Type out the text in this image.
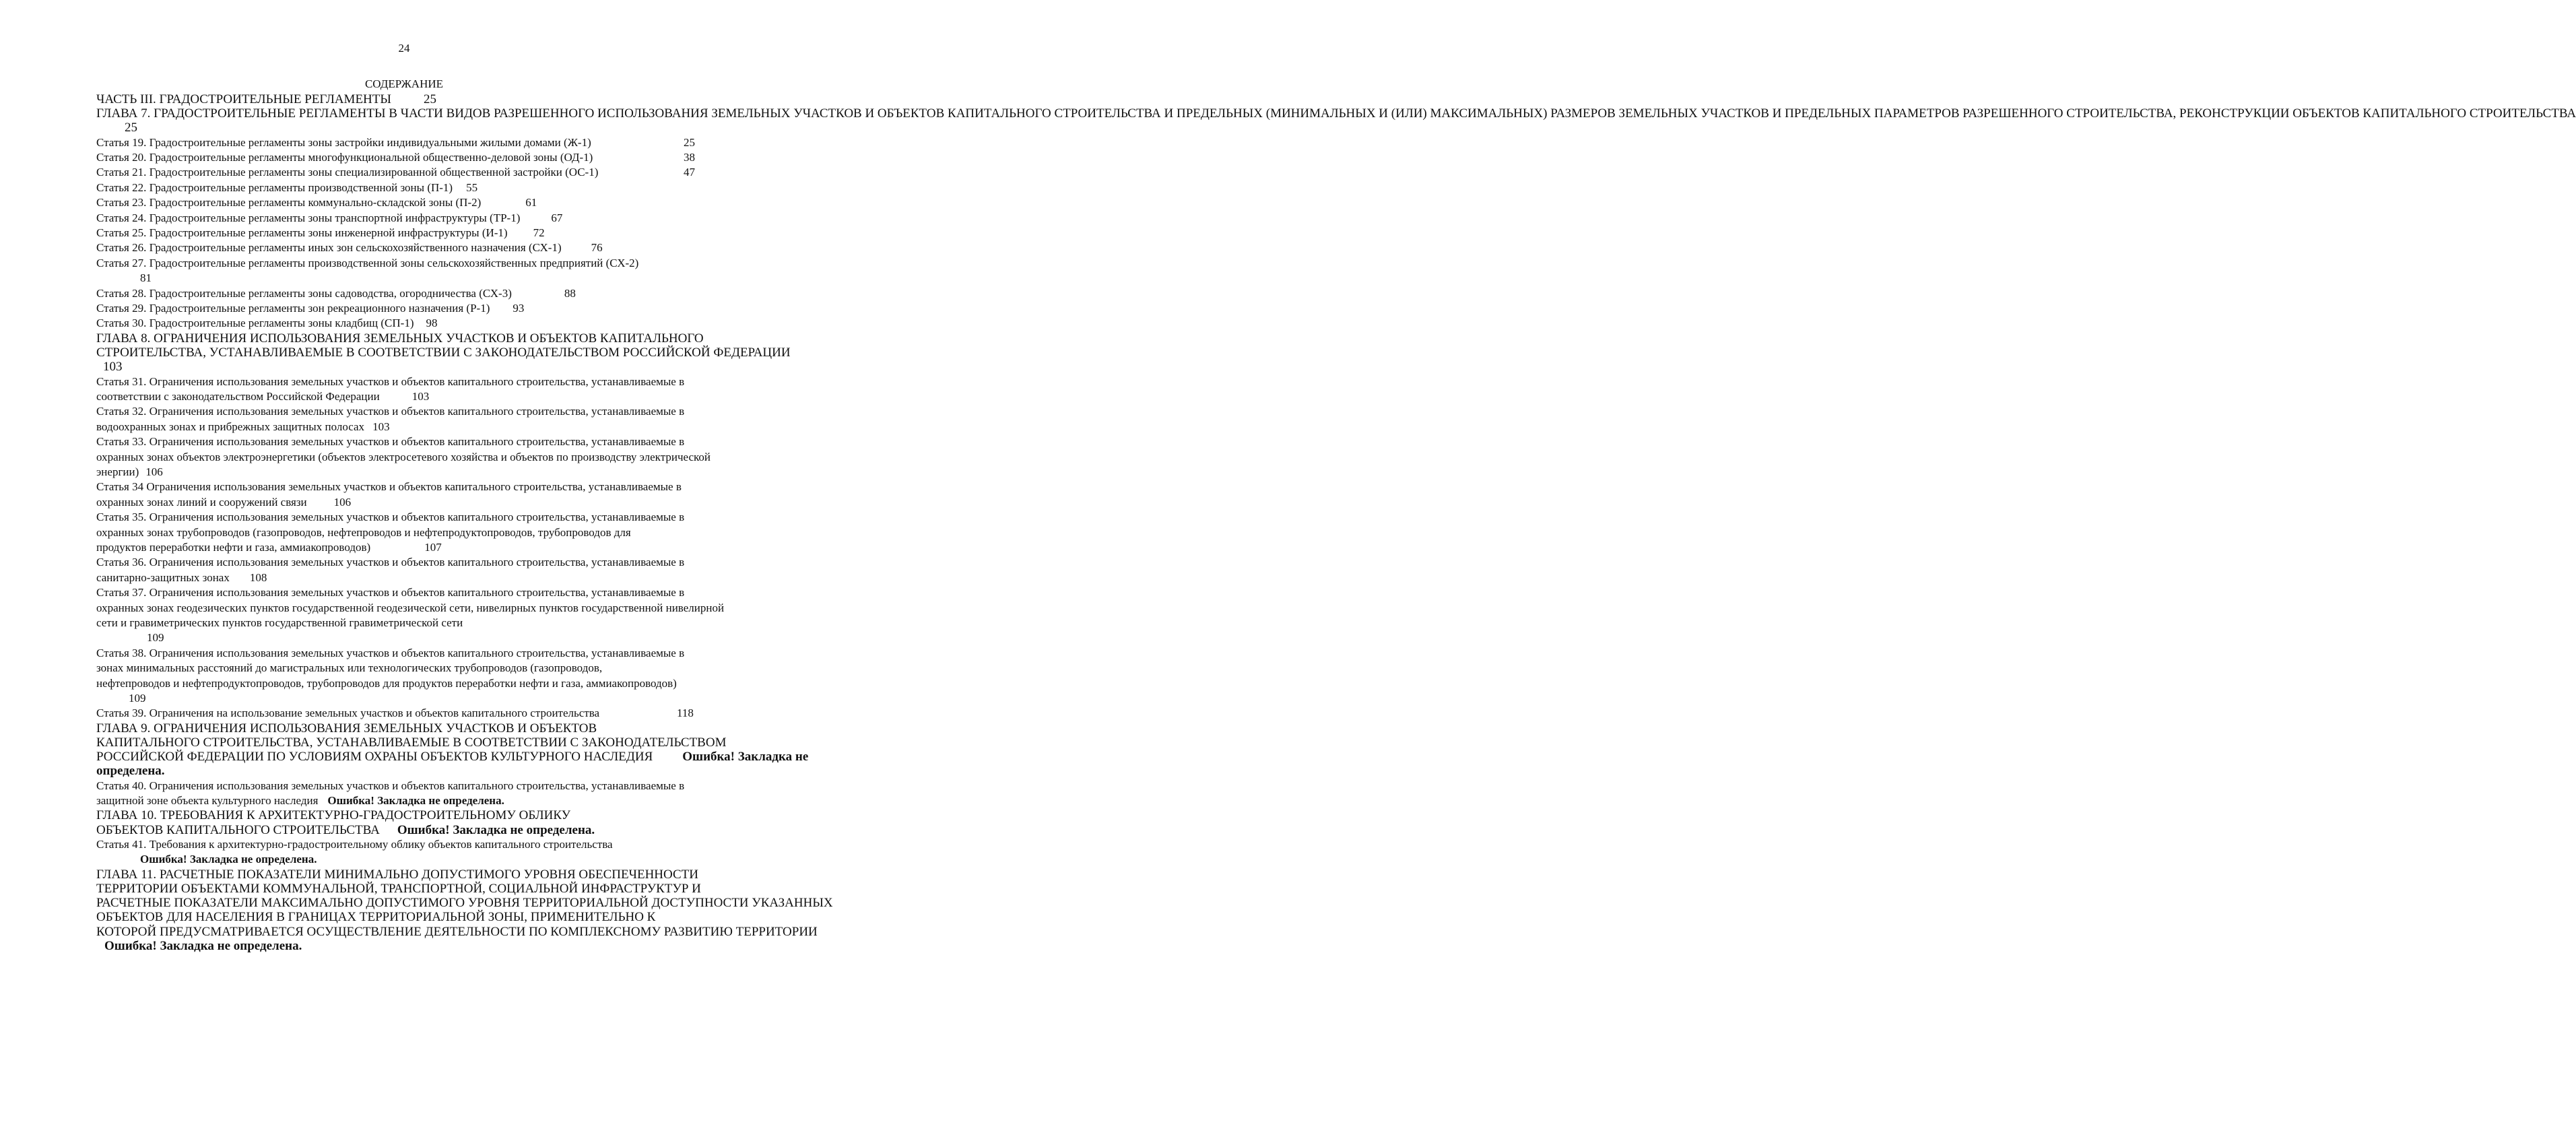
24
СОДЕРЖАНИЕ
ЧАСТЬ III. ГРАДОСТРОИТЕЛЬНЫЕ РЕГЛАМЕНТЫ	25
ГЛАВА 7. ГРАДОСТРОИТЕЛЬНЫЕ РЕГЛАМЕНТЫ В ЧАСТИ ВИДОВ РАЗРЕШЕННОГО ИСПОЛЬЗОВАНИЯ ЗЕМЕЛЬНЫХ УЧАСТКОВ И ОБЪЕКТОВ КАПИТАЛЬНОГО СТРОИТЕЛЬСТВА И ПРЕДЕЛЬНЫХ (МИНИМАЛЬНЫХ И (ИЛИ) МАКСИМАЛЬНЫХ) РАЗМЕРОВ ЗЕМЕЛЬНЫХ УЧАСТКОВ И ПРЕДЕЛЬНЫХ ПАРАМЕТРОВ РАЗРЕШЕННОГО СТРОИТЕЛЬСТВА, РЕКОНСТРУКЦИИ ОБЪЕКТОВ КАПИТАЛЬНОГО СТРОИТЕЛЬСТВА
25
Статья 19. Градостроительные регламенты зоны застройки индивидуальными жилыми домами (Ж-1)	25
Статья 20. Градостроительные регламенты многофункциональной общественно-деловой зоны (ОД-1)	38
Статья 21. Градостроительные регламенты зоны специализированной общественной застройки (ОС-1)	47
Статья 22. Градостроительные регламенты производственной зоны (П-1) 55
Статья 23. Градостроительные регламенты коммунально-складской зоны (П-2)	61
Статья 24. Градостроительные регламенты зоны транспортной инфраструктуры (ТР-1)	67
Статья 25. Градостроительные регламенты зоны инженерной инфраструктуры (И-1) 72
Статья 26. Градостроительные регламенты иных зон сельскохозяйственного назначения (СХ-1)	76
Статья 27. Градостроительные регламенты производственной зоны сельскохозяйственных предприятий (СХ-2)
81
Статья 28. Градостроительные регламенты зоны садоводства, огородничества (СХ-3)	88
Статья 29. Градостроительные регламенты зон рекреационного назначения (Р-1) 93
Статья 30. Градостроительные регламенты зоны кладбищ (СП-1) 98
ГЛАВА 8. ОГРАНИЧЕНИЯ ИСПОЛЬЗОВАНИЯ ЗЕМЕЛЬНЫХ УЧАСТКОВ И ОБЪЕКТОВ КАПИТАЛЬНОГО
СТРОИТЕЛЬСТВА, УСТАНАВЛИВАЕМЫЕ В СООТВЕТСТВИИ С ЗАКОНОДАТЕЛЬСТВОМ РОССИЙСКОЙ ФЕДЕРАЦИИ
103
Статья 31. Ограничения использования земельных участков и объектов капитального строительства, устанавливаемые в
соответствии с законодательством Российской Федерации	103
Статья 32. Ограничения использования земельных участков и объектов капитального строительства, устанавливаемые в
водоохранных зонах и прибрежных защитных полосах 103
Статья 33. Ограничения использования земельных участков и объектов капитального строительства, устанавливаемые в
охранных зонах объектов электроэнергетики (объектов электросетевого хозяйства и объектов по производству электрической
энергии) 106
Статья 34 Ограничения использования земельных участков и объектов капитального строительства, устанавливаемые в
охранных зонах линий и сооружений связи 106
Статья 35. Ограничения использования земельных участков и объектов капитального строительства, устанавливаемые в
охранных зонах трубопроводов (газопроводов, нефтепроводов и нефтепродуктопроводов, трубопроводов для
продуктов переработки нефти и газа, аммиакопроводов)	107
Статья 36. Ограничения использования земельных участков и объектов капитального строительства, устанавливаемые в
санитарно-защитных зонах 108
Статья 37. Ограничения использования земельных участков и объектов капитального строительства, устанавливаемые в
охранных зонах геодезических пунктов государственной геодезической сети, нивелирных пунктов государственной нивелирной
сети и гравиметрических пунктов государственной гравиметрической сети
109
Статья 38. Ограничения использования земельных участков и объектов капитального строительства, устанавливаемые в
зонах минимальных расстояний до магистральных или технологических трубопроводов (газопроводов,
нефтепроводов и нефтепродуктопроводов, трубопроводов для продуктов переработки нефти и газа, аммиакопроводов)
109
Статья 39. Ограничения на использование земельных участков и объектов капитального строительства	118
ГЛАВА 9. ОГРАНИЧЕНИЯ ИСПОЛЬЗОВАНИЯ ЗЕМЕЛЬНЫХ УЧАСТКОВ И ОБЪЕКТОВ
КАПИТАЛЬНОГО СТРОИТЕЛЬСТВА, УСТАНАВЛИВАЕМЫЕ В СООТВЕТСТВИИ С ЗАКОНОДАТЕЛЬСТВОМ
РОССИЙСКОЙ ФЕДЕРАЦИИ ПО УСЛОВИЯМ ОХРАНЫ ОБЪЕКТОВ КУЛЬТУРНОГО НАСЛЕДИЯ Ошибка! Закладка не
определена.
Статья 40. Ограничения использования земельных участков и объектов капитального строительства, устанавливаемые в
защитной зоне объекта культурного наследия Ошибка! Закладка не определена.
ГЛАВА 10. ТРЕБОВАНИЯ К АРХИТЕКТУРНО-ГРАДОСТРОИТЕЛЬНОМУ ОБЛИКУ
ОБЪЕКТОВ КАПИТАЛЬНОГО СТРОИТЕЛЬСТВА Ошибка! Закладка не определена.
Статья 41. Требования к архитектурно-градостроительному облику объектов капитального строительства
Ошибка! Закладка не определена.
ГЛАВА 11. РАСЧЕТНЫЕ ПОКАЗАТЕЛИ МИНИМАЛЬНО ДОПУСТИМОГО УРОВНЯ ОБЕСПЕЧЕННОСТИ
ТЕРРИТОРИИ ОБЪЕКТАМИ КОММУНАЛЬНОЙ, ТРАНСПОРТНОЙ, СОЦИАЛЬНОЙ ИНФРАСТРУКТУР И
РАСЧЕТНЫЕ ПОКАЗАТЕЛИ МАКСИМАЛЬНО ДОПУСТИМОГО УРОВНЯ ТЕРРИТОРИАЛЬНОЙ ДОСТУПНОСТИ УКАЗАННЫХ
ОБЪЕКТОВ ДЛЯ НАСЕЛЕНИЯ В ГРАНИЦАХ ТЕРРИТОРИАЛЬНОЙ ЗОНЫ, ПРИМЕНИТЕЛЬНО К
КОТОРОЙ ПРЕДУСМАТРИВАЕТСЯ ОСУЩЕСТВЛЕНИЕ ДЕЯТЕЛЬНОСТИ ПО КОМПЛЕКСНОМУ РАЗВИТИЮ ТЕРРИТОРИИ
Ошибка! Закладка не определена.
